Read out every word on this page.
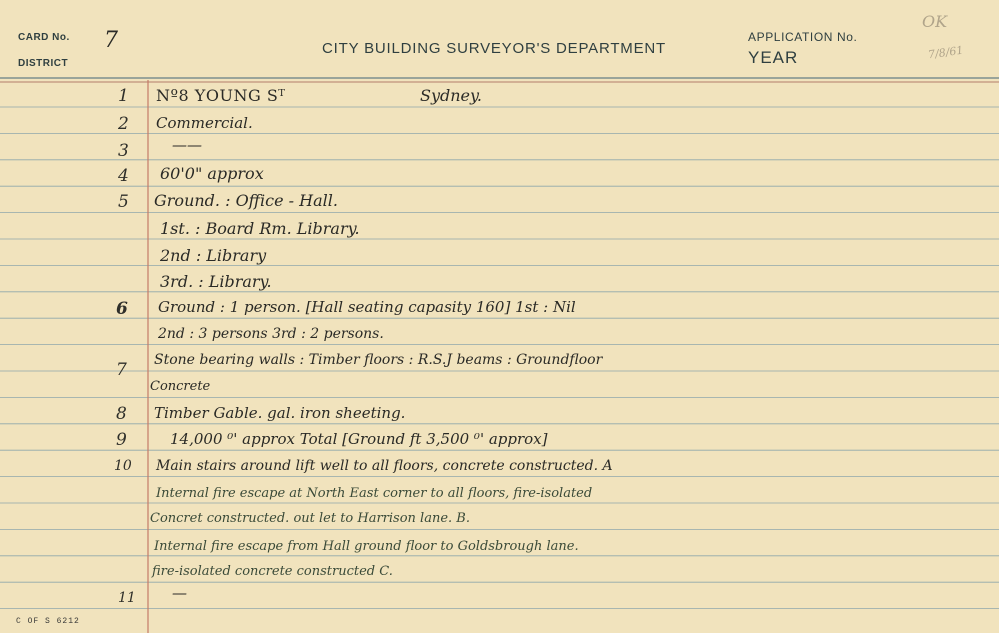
CARD No. 7
DISTRICT
CITY BUILDING SURVEYOR'S DEPARTMENT
APPLICATION No.
YEAR
OK
7/8/61
1 Nº8 YOUNG Sᵀ	Sydney.
2 Commercial.
3	——
4 60'0" approx
5 Ground. : Office - Hall.
1st. : Board Rm. Library.
2nd : Library
3rd. : Library.
6 Ground : 1 person. [Hall seating capasity 160] 1st : Nil
2nd : 3 persons 3rd : 2 persons.
7 Stone bearing walls : Timber floors : R.S.J beams : Groundfloor
Concrete
8 Timber Gable. gal. iron sheeting.
9	14,000 ⁰' approx Total [Ground ft 3,500 ⁰' approx]
10 Main stairs around lift well to all floors, concrete constructed. A
Internal fire escape at North East corner to all floors, fire-isolated
Concret constructed. out let to Harrison lane. B.
Internal fire escape from Hall ground floor to Goldsbrough lane.
fire-isolated concrete constructed C.
11 —
C OF S 6212
